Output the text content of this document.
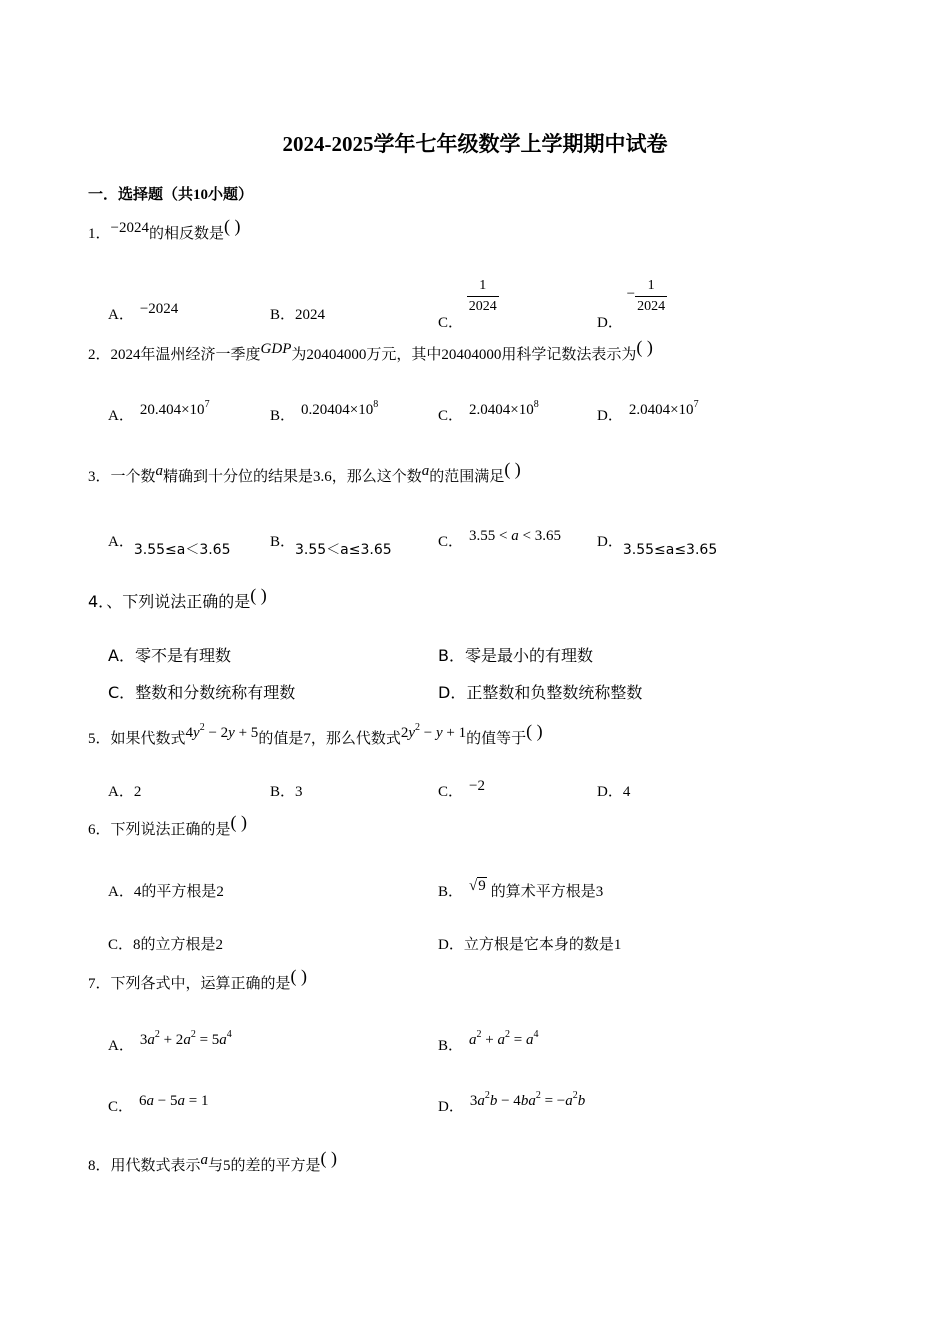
2024-2025学年七年级数学上学期期中试卷
一．选择题（共10小题）
1．−2024的相反数是( )
A． −2024	B．2024	C．
$\frac{1}{2024}$
D． − $\frac{1}{2024}$
2．2024年温州经济一季度GDP为20404000万元，其中20404000用科学记数法表示为( )
A． $20.404\times 10^7$
B． $0.20404\times 10^8$
C． $2.0404\times 10^8$
D． $2.0404\times 10^7$
3．一个数a精确到十分位的结果是3.6，那么这个数a的范围满足( )
A．3.55≤a＜3.65	B．3.55＜a≤3.65	C． 3.55 < a < 3.65 D．3.55≤a≤3.65
4．、下列说法正确的是( )
A．零不是有理数	B．零是最小的有理数
C．整数和分数统称有理数	D．正整数和负整数统称整数
5．如果代数式$4y^2 - 2y + 5$的值是7，那么代数式$2y^2 - y + 1$的值等于( )
A．2	B．3	C． −2	D．4
6．下列说法正确的是( )
A．4的平方根是2	B． √9 的算术平方根是3
C．8的立方根是2	D．立方根是它本身的数是1
7．下列各式中，运算正确的是( )
A． $3a^2 + 2a^2 = 5a^4$
B． $a^2 + a^2 = a^4$
C． 6a − 5a = 1	D． $3a^2b - 4ba^2 = -a^2b$
8．用代数式表示a与5的差的平方是( )
